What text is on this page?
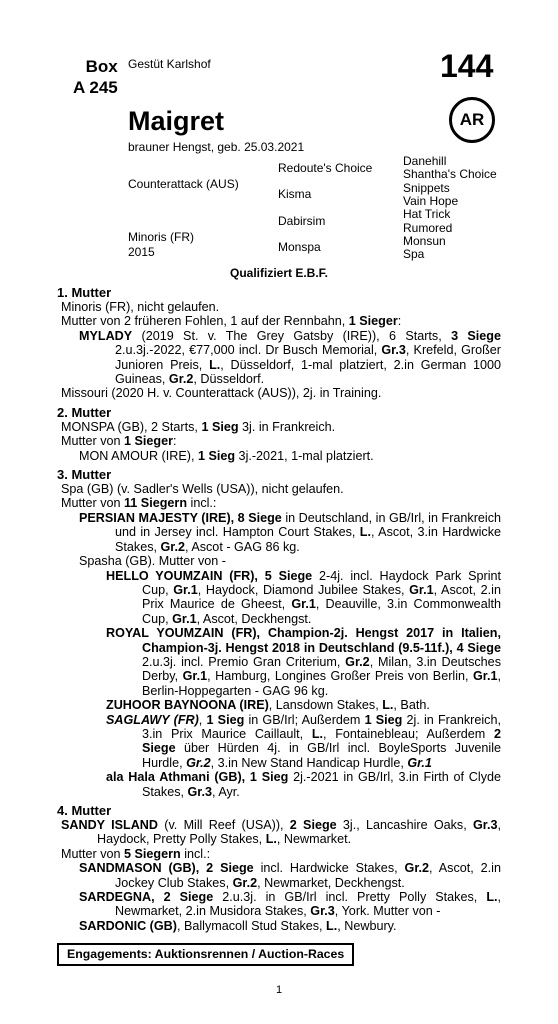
Box
A 245
Gestüt Karlshof	144
AR
Maigret
brauner Hengst, geb. 25.03.2021
Counterattack (AUS)
Minoris (FR)
2015
Redoute's Choice
Kisma
Dabirsim
Monspa
Danehill
Shantha's Choice
Snippets
Vain Hope
Hat Trick
Rumored
Monsun
Spa
Qualifiziert E.B.F.
1. Mutter

Minoris (FR), nicht gelaufen.

Mutter von 2 früheren Fohlen, 1 auf der Rennbahn, 1 Sieger:

MYLADY (2019 St. v. The Grey Gatsby (IRE)), 6 Starts, 3 Siege 2.u.3j.-2022, €77,000 incl. Dr Busch Memorial, Gr.3, Krefeld, Großer Junioren Preis, L., Düsseldorf, 1-mal platziert, 2.in German 1000 Guineas, Gr.2, Düsseldorf.

Missouri (2020 H. v. Counterattack (AUS)), 2j. in Training.

2. Mutter

MONSPA (GB), 2 Starts, 1 Sieg 3j. in Frankreich.

Mutter von 1 Sieger:

MON AMOUR (IRE), 1 Sieg 3j.-2021, 1-mal platziert.

3. Mutter

Spa (GB) (v. Sadler's Wells (USA)), nicht gelaufen.

Mutter von 11 Siegern incl.:

PERSIAN MAJESTY (IRE), 8 Siege in Deutschland, in GB/Irl, in Frankreich und in Jersey incl. Hampton Court Stakes, L., Ascot, 3.in Hardwicke Stakes, Gr.2, Ascot - GAG 86 kg.

Spasha (GB). Mutter von -

HELLO YOUMZAIN (FR), 5 Siege 2-4j. incl. Haydock Park Sprint Cup, Gr.1, Haydock, Diamond Jubilee Stakes, Gr.1, Ascot, 2.in Prix Maurice de Gheest, Gr.1, Deauville, 3.in Commonwealth Cup, Gr.1, Ascot, Deckhengst.

ROYAL YOUMZAIN (FR), Champion-2j. Hengst 2017 in Italien, Champion-3j. Hengst 2018 in Deutschland (9.5-11f.), 4 Siege 2.u.3j. incl. Premio Gran Criterium, Gr.2, Milan, 3.in Deutsches Derby, Gr.1, Hamburg, Longines Großer Preis von Berlin, Gr.1, Berlin-Hoppegarten - GAG 96 kg.

ZUHOOR BAYNOONA (IRE), Lansdown Stakes, L., Bath.

SAGLAWY (FR), 1 Sieg in GB/Irl; Außerdem 1 Sieg 2j. in Frankreich, 3.in Prix Maurice Caillault, L., Fontainebleau; Außerdem 2 Siege über Hürden 4j. in GB/Irl incl. BoyleSports Juvenile Hurdle, Gr.2, 3.in New Stand Handicap Hurdle, Gr.1

ala Hala Athmani (GB), 1 Sieg 2j.-2021 in GB/Irl, 3.in Firth of Clyde Stakes, Gr.3, Ayr.

4. Mutter

SANDY ISLAND (v. Mill Reef (USA)), 2 Siege 3j., Lancashire Oaks, Gr.3, Haydock, Pretty Polly Stakes, L., Newmarket.

Mutter von 5 Siegern incl.:

SANDMASON (GB), 2 Siege incl. Hardwicke Stakes, Gr.2, Ascot, 2.in Jockey Club Stakes, Gr.2, Newmarket, Deckhengst.

SARDEGNA, 2 Siege 2.u.3j. in GB/Irl incl. Pretty Polly Stakes, L., Newmarket, 2.in Musidora Stakes, Gr.3, York. Mutter von -

SARDONIC (GB), Ballymacoll Stud Stakes, L., Newbury.

Engagements: Auktionsrennen / Auction-Races
1
